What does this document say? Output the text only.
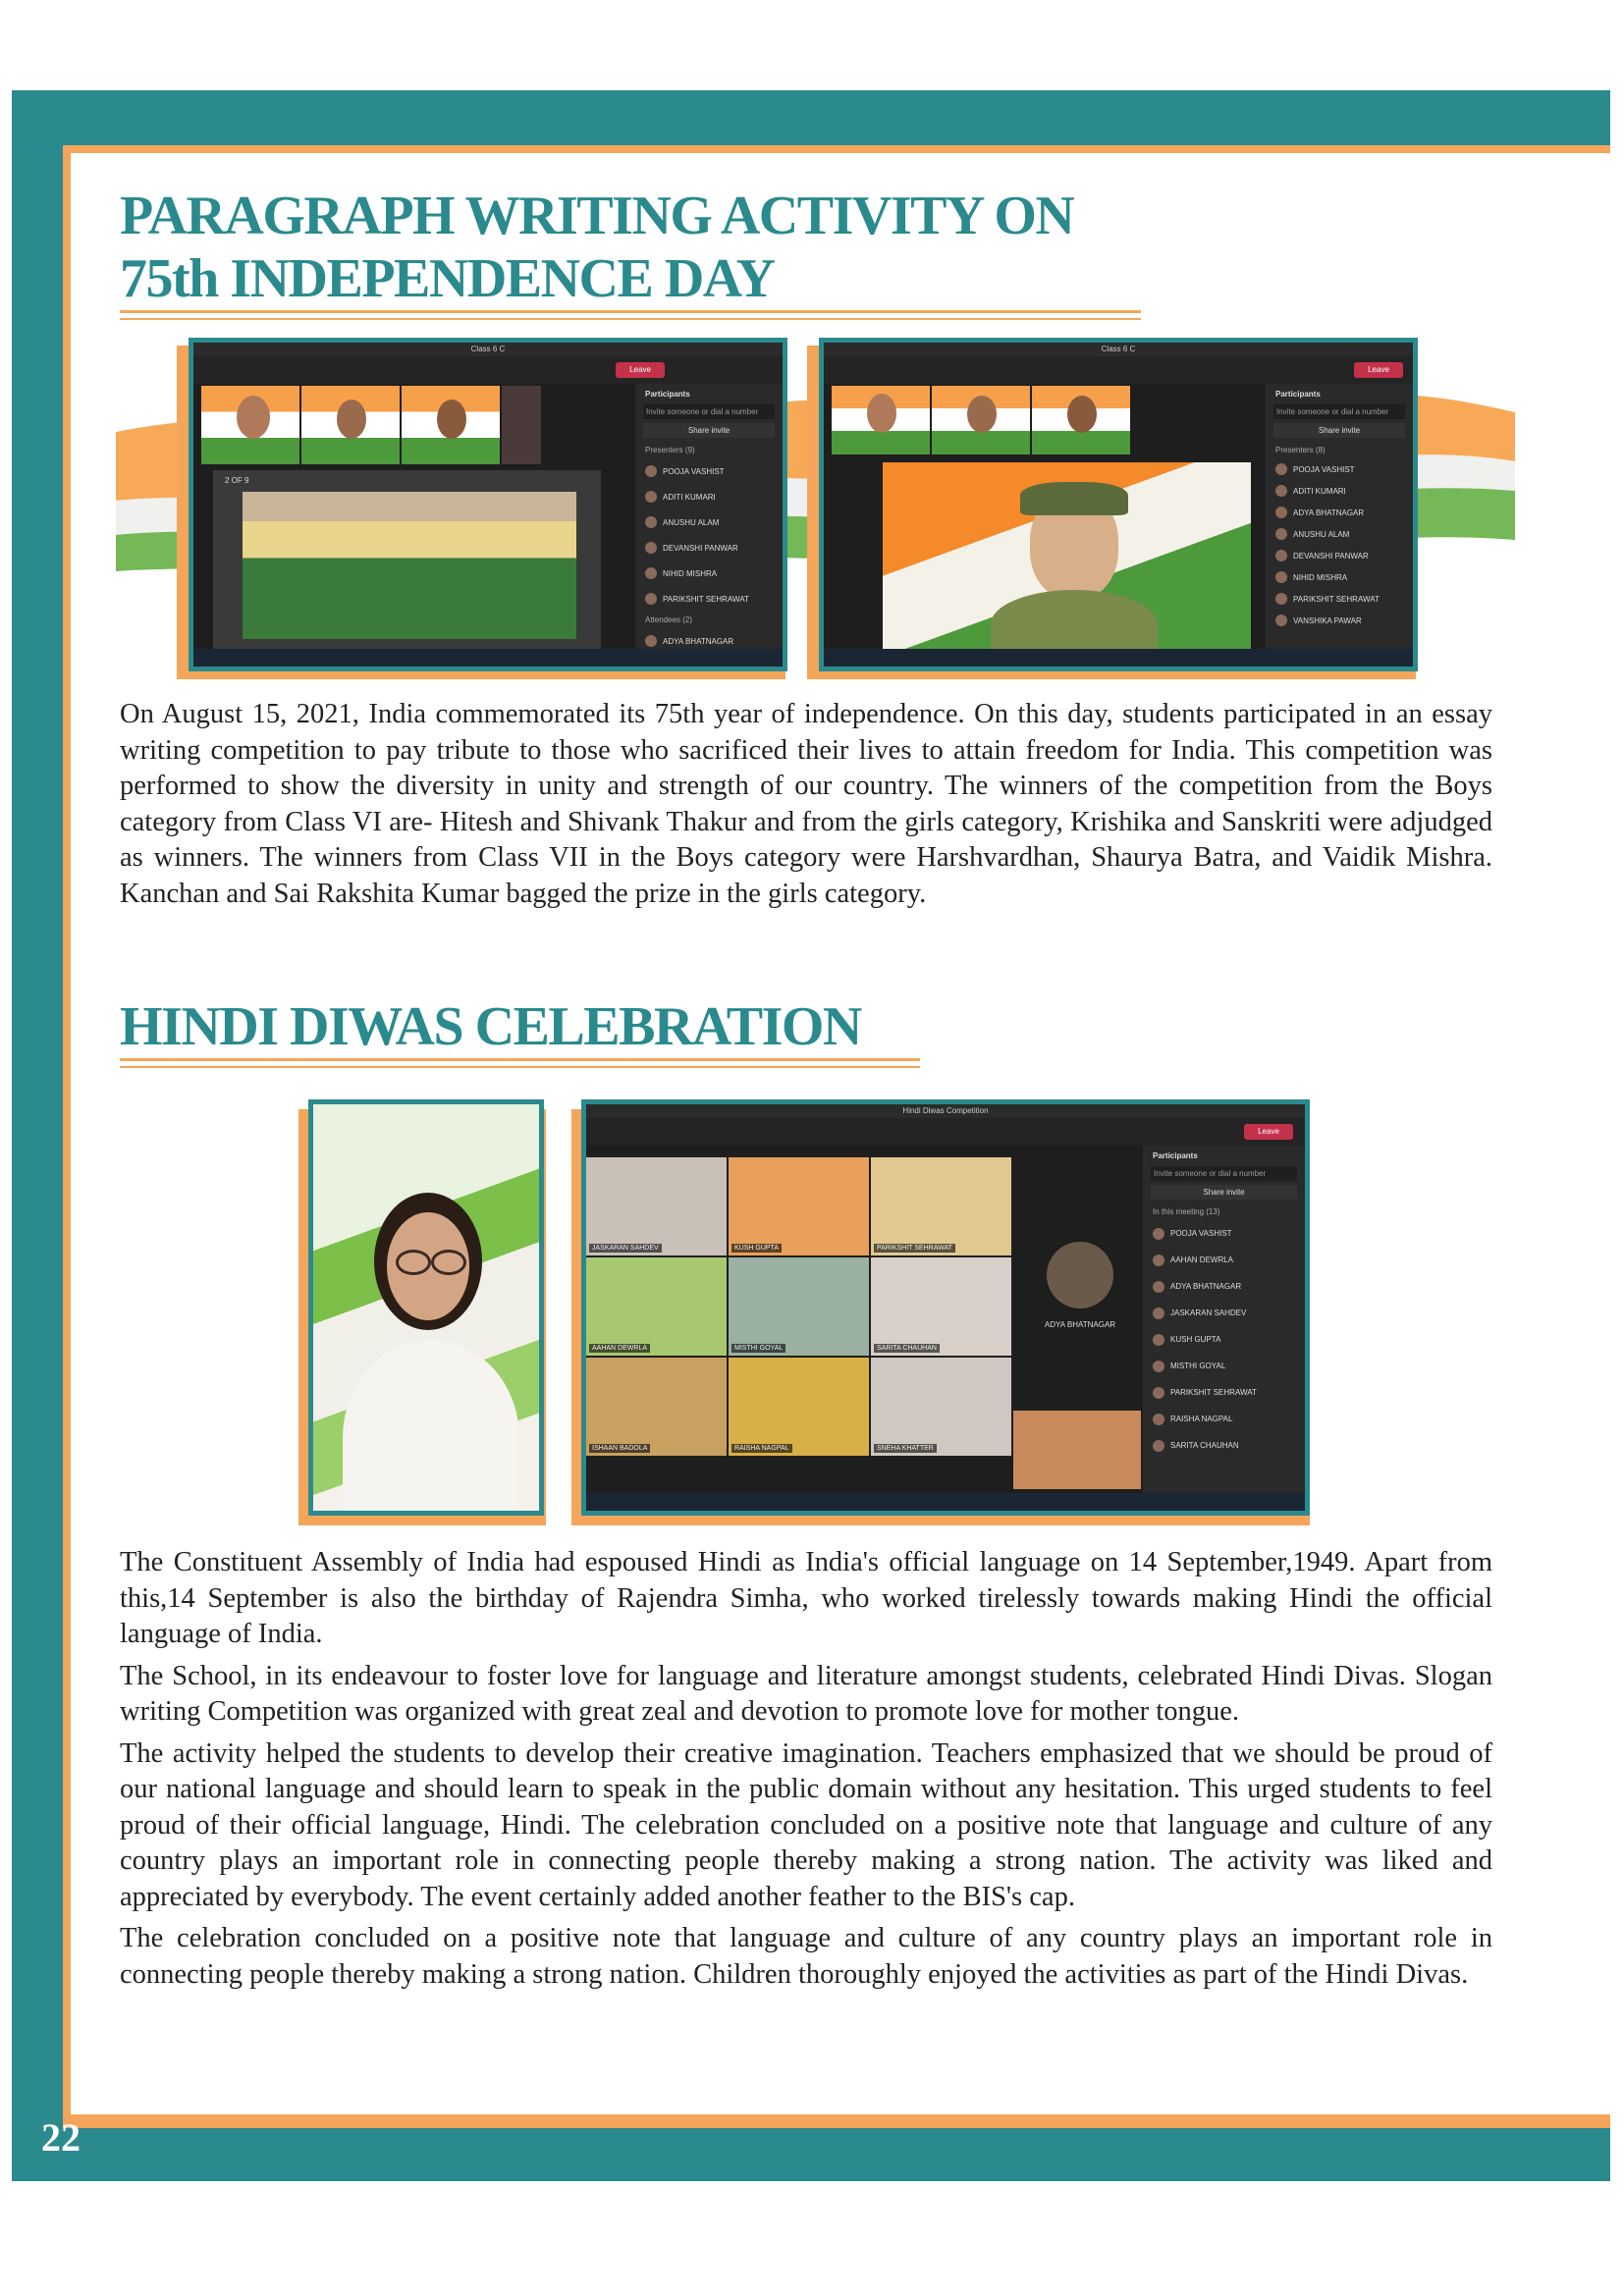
22
PARAGRAPH WRITING ACTIVITY ON
75th INDEPENDENCE DAY
Class 6 C
Leave
2 OF 9
Participants
Invite someone or dial a number
Share invite
Presenters (9)
POOJA VASHIST
ADITI KUMARI
ANUSHU ALAM
DEVANSHI PANWAR
NIHID MISHRA
PARIKSHIT SEHRAWAT
Attendees (2)
ADYA BHATNAGAR
Class 6 C
Leave
Participants
Invite someone or dial a number
Share invite
Presenters (8)
POOJA VASHIST
ADITI KUMARI
ADYA BHATNAGAR
ANUSHU ALAM
DEVANSHI PANWAR
NIHID MISHRA
PARIKSHIT SEHRAWAT
VANSHIKA PAWAR

On August 15, 2021, India commemorated its 75th year of independence. On this day, students participated in an essay writing competition to pay tribute to those who sacrificed their lives to attain freedom for India. This competition was performed to show the diversity in unity and strength of our country. The winners of the competition from the Boys category from Class VI are- Hitesh and Shivank Thakur and from the girls category, Krishika and Sanskriti were adjudged as winners. The winners from Class VII in the Boys category were Harshvardhan, Shaurya Batra, and Vaidik Mishra. Kanchan and Sai Rakshita Kumar bagged the prize in the girls category.

HINDI DIWAS CELEBRATION
Hindi Diwas Competition
Leave
JASKARAN SAHDEV	KUSH GUPTA	PARIKSHIT SEHRAWAT
AAHAN DEWRLA	MISTHI GOYAL	SARITA CHAUHAN
ISHAAN BADOLA	RAISHA NAGPAL	SNEHA KHATTER
ADYA BHATNAGAR
Participants
Invite someone or dial a number
Share invite
In this meeting (13)
POOJA VASHIST
AAHAN DEWRLA
ADYA BHATNAGAR
JASKARAN SAHDEV
KUSH GUPTA
MISTHI GOYAL
PARIKSHIT SEHRAWAT
RAISHA NAGPAL
SARITA CHAUHAN

The Constituent Assembly of India had espoused Hindi as India's official language on 14 September,1949. Apart from this,14 September is also the birthday of Rajendra Simha, who worked tirelessly towards making Hindi the official language of India.

The School, in its endeavour to foster love for language and literature amongst students, celebrated Hindi Divas. Slogan writing Competition was organized with great zeal and devotion to promote love for mother tongue.

The activity helped the students to develop their creative imagination. Teachers emphasized that we should be proud of our national language and should learn to speak in the public domain without any hesitation. This urged students to feel proud of their official language, Hindi. The celebration concluded on a positive note that language and culture of any country plays an important role in connecting people thereby making a strong nation. The activity was liked and appreciated by everybody. The event certainly added another feather to the BIS's cap.

The celebration concluded on a positive note that language and culture of any country plays an important role in connecting people thereby making a strong nation. Children thoroughly enjoyed the activities as part of the Hindi Divas.
